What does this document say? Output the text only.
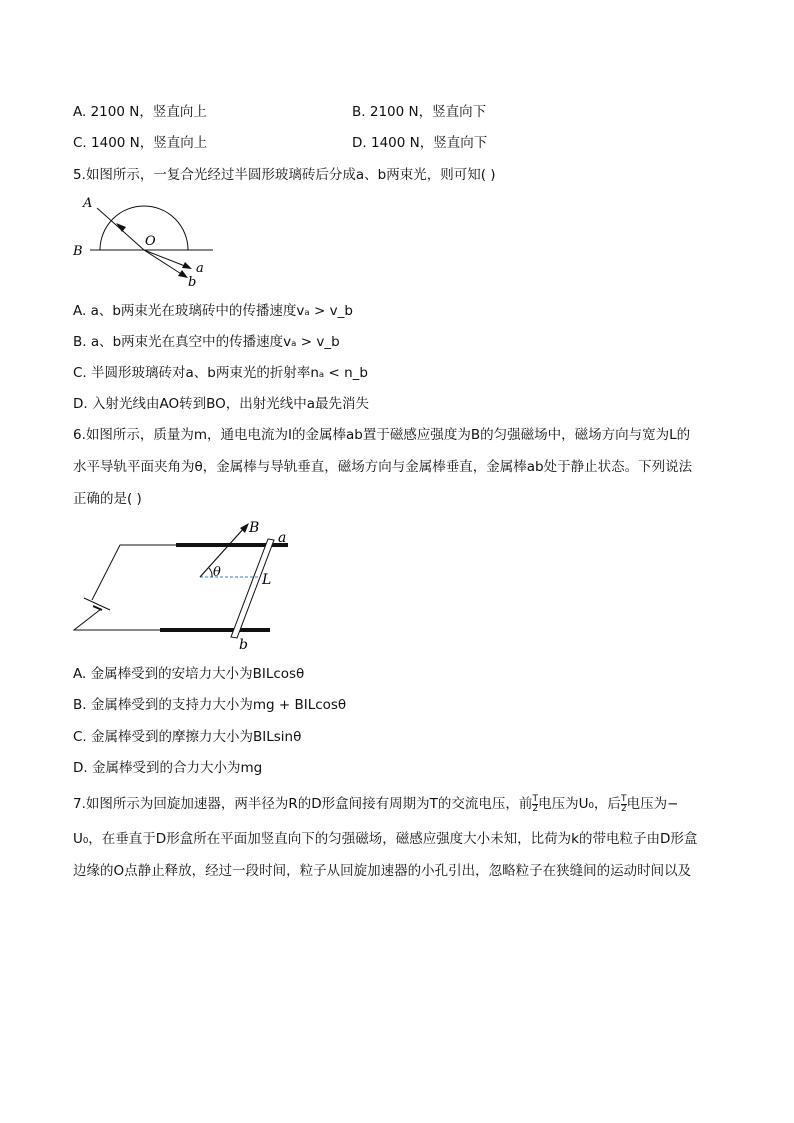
A. 2100 N，竖直向上	B. 2100 N，竖直向下
C. 1400 N，竖直向上	D. 1400 N，竖直向下
5.如图所示，一复合光经过半圆形玻璃砖后分成a、b两束光，则可知( )
A
B
O
a
b
A. a、b两束光在玻璃砖中的传播速度vₐ > v_b
B. a、b两束光在真空中的传播速度vₐ > v_b
C. 半圆形玻璃砖对a、b两束光的折射率nₐ < n_b
D. 入射光线由AO转到BO，出射光线中a最先消失
6.如图所示，质量为m，通电电流为I的金属棒ab置于磁感应强度为B的匀强磁场中，磁场方向与宽为L的
水平导轨平面夹角为θ，金属棒与导轨垂直，磁场方向与金属棒垂直，金属棒ab处于静止状态。下列说法
正确的是( )
B
a
θ	L
b
A. 金属棒受到的安培力大小为BILcosθ
B. 金属棒受到的支持力大小为mg + BILcosθ
C. 金属棒受到的摩擦力大小为BILsinθ
D. 金属棒受到的合力大小为mg
7.如图所示为回旋加速器，两半径为R的D形盒间接有周期为T的交流电压，前 $\frac{T}{2}$ 电压为U₀，后 $\frac{T}{2}$ 电压为−
U₀，在垂直于D形盒所在平面加竖直向下的匀强磁场，磁感应强度大小未知，比荷为k的带电粒子由D形盒
边缘的O点静止释放，经过一段时间，粒子从回旋加速器的小孔引出，忽略粒子在狭缝间的运动时间以及
